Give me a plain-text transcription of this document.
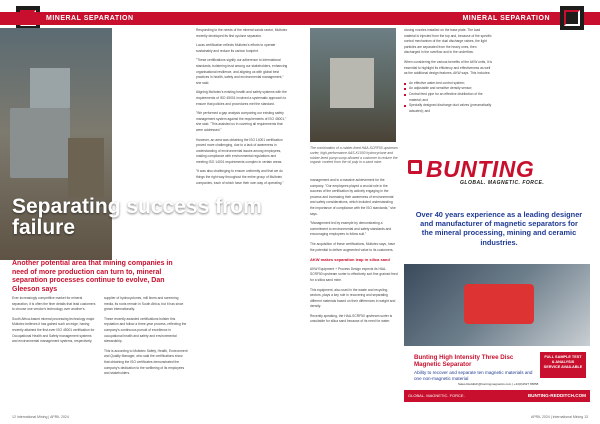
MINERAL SEPARATION

Responding to the needs of the mineral sands sector, Multotec recently developed its first cyclone separator.

Lucas certification reflects Multotec's efforts to operate sustainably and reduce its carbon footprint.

"These certifications signify our adherence to international standards, bolstering trust among our stakeholders, enhancing organisational resilience, and aligning us with global best practices in health, safety and environmental management," she said.

Aligning Multotec's existing health and safety systems with the requirements of ISO 45001 involved a systematic approach to ensure that policies and procedures met the standard.

"We performed a gap analysis comparing our existing safety management system against the requirements of ISO 45001," she said. "This assisted us in covering all requirements that were addressed."

However, an area was obtaining the ISO 14001 certification proved more challenging, due to a lack of awareness in understanding of environmental issues among employees, making compliance with environmental regulations and meeting ISO 14001 requirements complex in certain areas.

"It was also challenging to ensure uniformity and that we do things the right way throughout the entire group of Multotec companies, each of which have their own way of operating."

Separating success from failure
Another potential area that mining companies in need of more production can turn to, mineral separation processes continue to evolve, Dan Gleeson says

Ever increasingly competitive market for mineral separation, it is often the finer details that lead customers to choose one vendor's technology over another's.

South Africa-based mineral processing technology major Multotec believes it has gained such an edge, having recently attained the first-ever ISO 45001 certification for Occupational Health and Safety management systems and environmental management systems, respectively.

supplier of hydrocyclones, mill liners and screening media, its roots remain in South Africa, but it has since grown internationally.

These recently awarded certifications bolster this reputation and follow a three-year process, reflecting the company's continuous pursuit of excellence in occupational health and safety and environmental stewardship.

This is according to Multotec Safety, Health, Environment and Quality Manager, who said the certifications show that obtaining the ISO certificates demonstrated the company's dedication to the wellbeing of its employees and stakeholders.

12 International Mining | APRIL 2024
MINERAL SEPARATION
The combination of a rubber-lined HAA-SCRF50 upstream sorter, high-performance AAS-K1000 hydrocyclone and rubber-lined pump sump allowed a customer to reduce the organic content from the oil pulp in a sand mine.

management and is a massive achievement for the company. "Our employees played a crucial role in the success of the certification by actively engaging in the process and increasing their awareness of environmental and safety considerations, which included understanding the importance of compliance with the ISO standards," she says.

"Management led by example by demonstrating a commitment to environmental and safety standards and encouraging employees to follow suit."

The acquisition of these certifications, Multotec says, have the potential to deliver augmented value to its customers.

AKW makes separation leap in silica sand

AKW Equipment + Process Design expects its HAA-SCRF50 upstream sorter to effectively sort fine grained feed for a silica sand mine.

This equipment, also used in the waste and recycling sectors, plays a key role in recovering and separating different materials based on their differences in weight and density.

Recently speaking, the HAA-SCRF50 upstream sorter is unsuitable for silica sand because of its need for water.

closing nozzles installed on the base plate. The load material is injected from the top and, because of the specific control mechanism of the dual discharge valves, the light particles are separated from the heavy ones, then discharged in the overflow and in the underflow.

When considering the various benefits of the AKW units, it is essential to highlight its efficiency and effectiveness as well as the additional design features, AKW says. This includes:

An effective water-bed control system;
An adjustable and sensitive density sensor;
Central feed pipe for an effective distribution of the material; and
Specially designed discharge duct valves (pneumatically actuated); and
BUNTING
GLOBAL. MAGNETIC. FORCE.
Over 40 years experience as a leading designer and manufacturer of magnetic separators for the mineral processing, mining and ceramic industries.
Bunting High Intensity Three Disc Magnetic Separator
Ability to recover and separate ten magnetic materials and one non-magnetic material
FULL SAMPLE TEST & ANALYSIS SERVICE AVAILABLE
Sales.Redditch@buntingmagnetics.com | +44(0)1527 65858
GLOBAL. MAGNETIC. FORCE.	BUNTING-REDDITCH.COM
APRIL 2024 | International Mining 13
